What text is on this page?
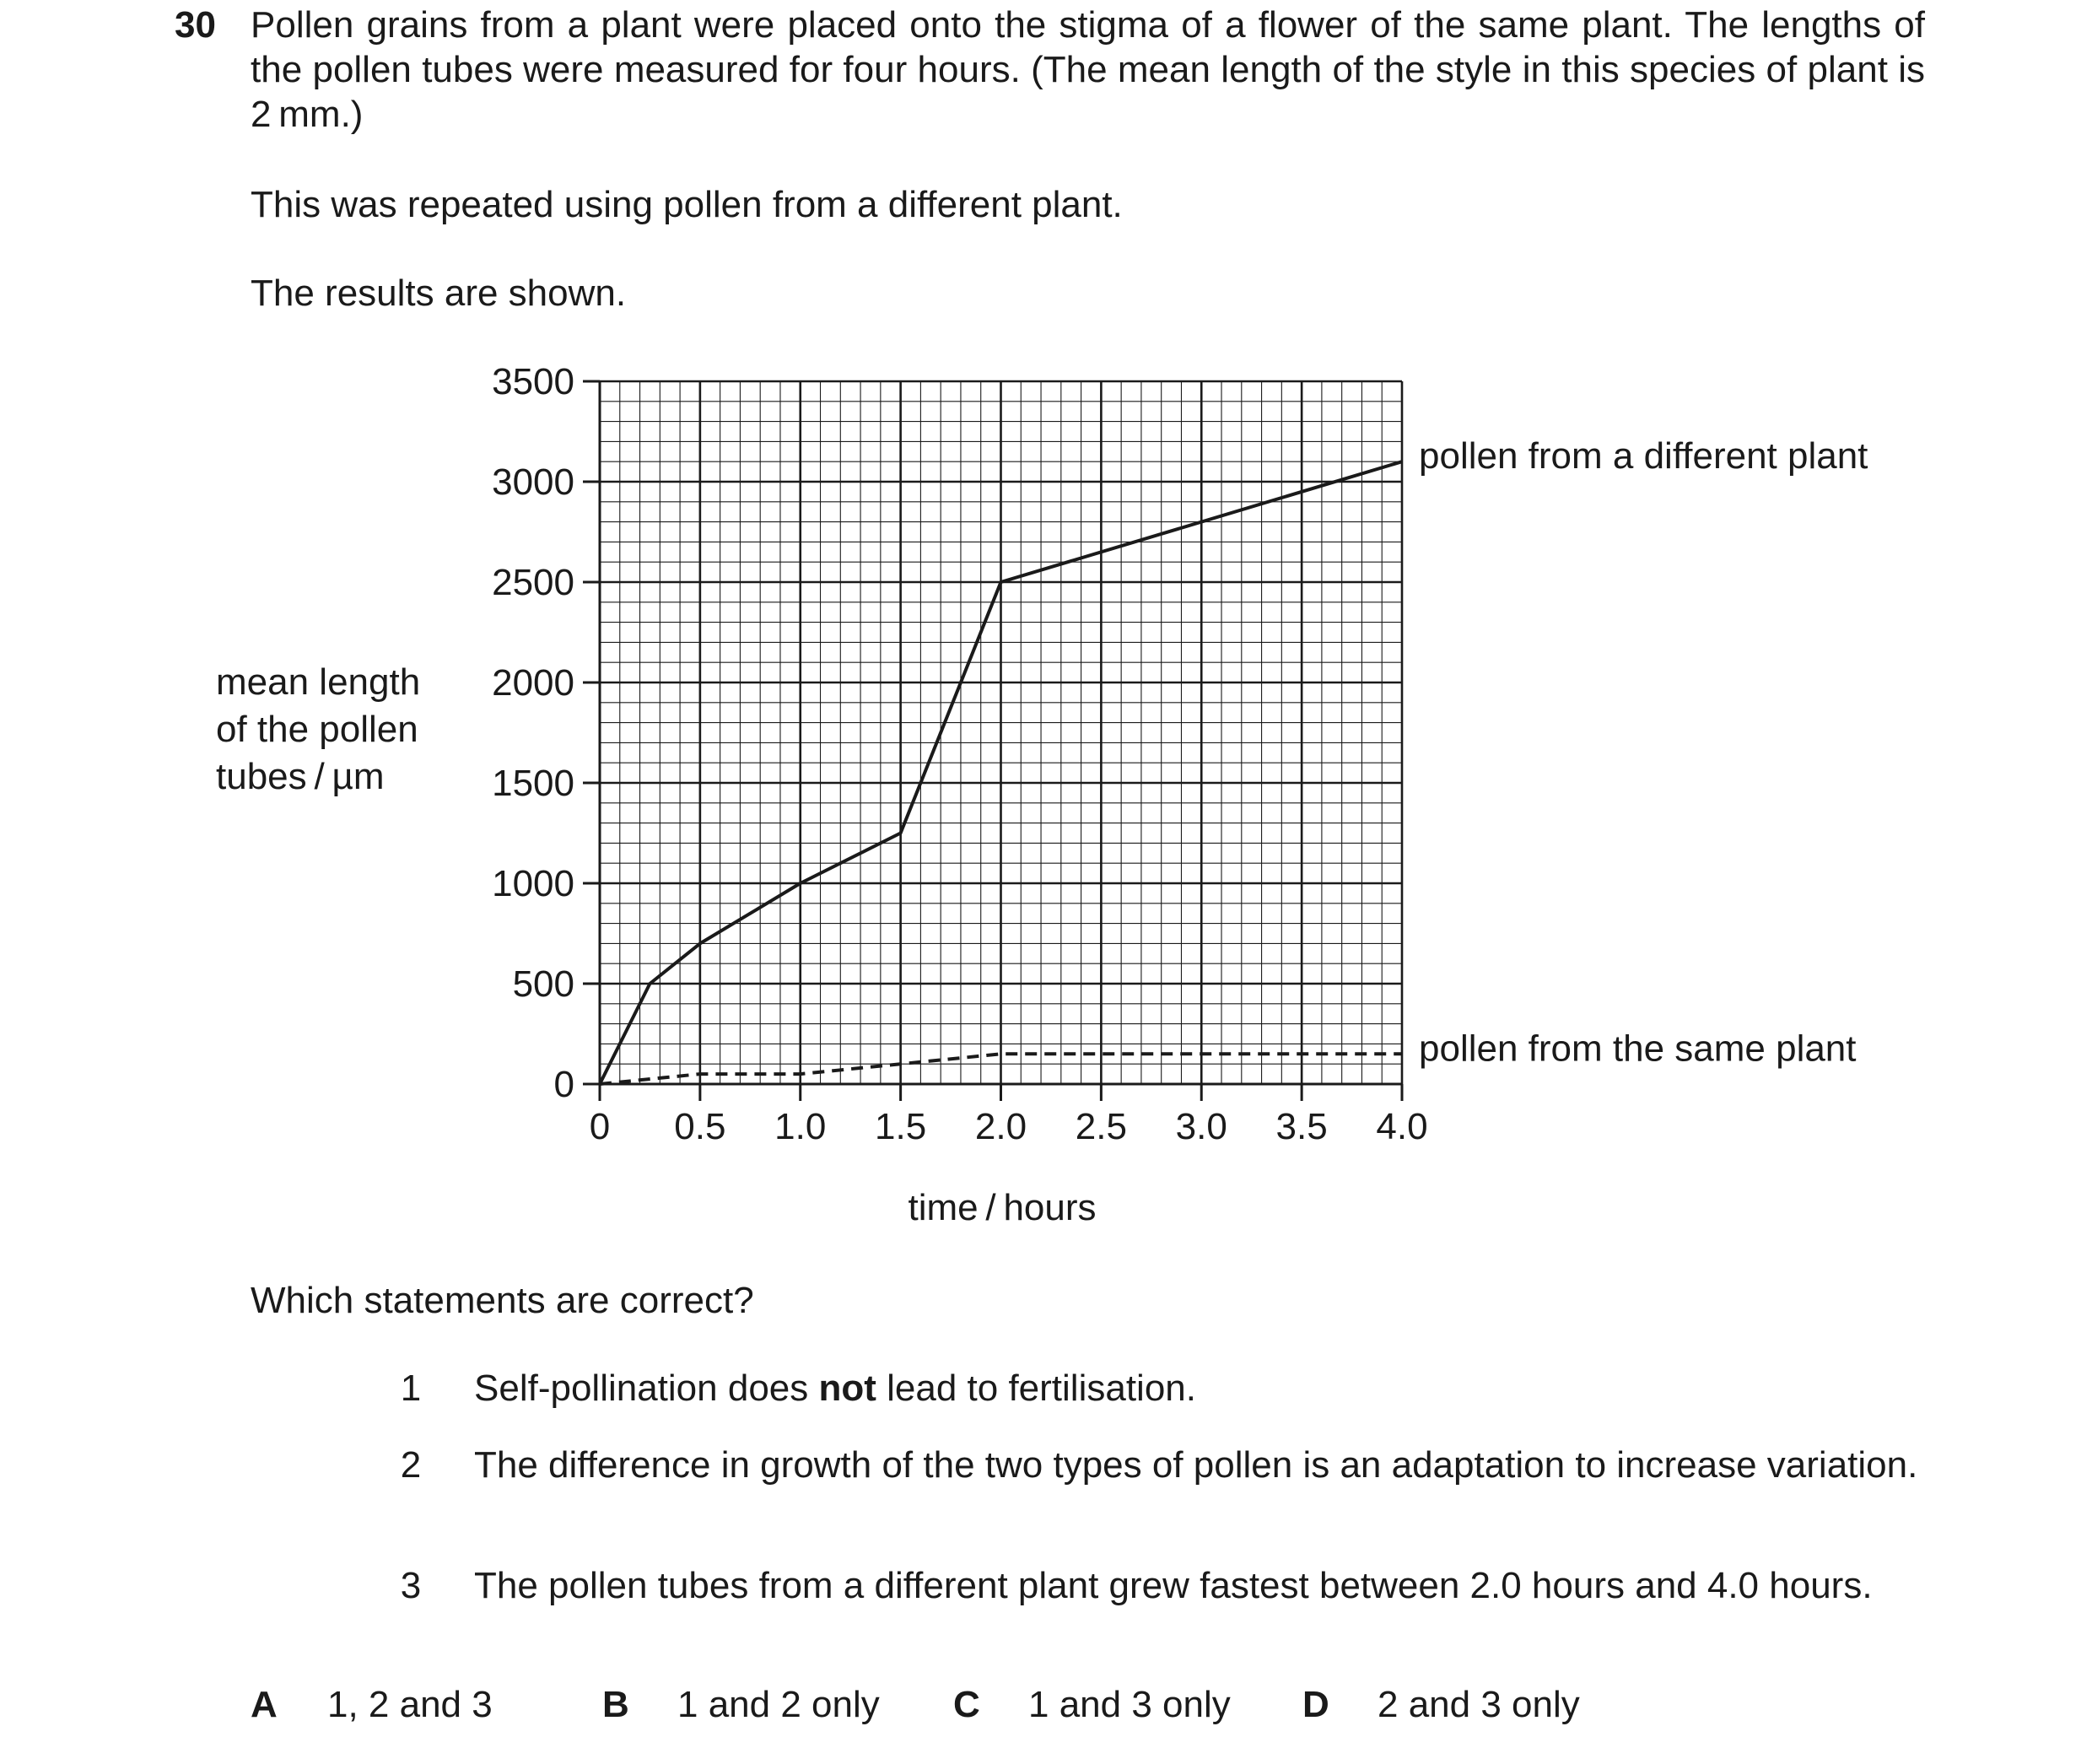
30 Pollen grains from a plant were placed onto the stigma of a flower of the same plant. The lengths of the pollen tubes were measured for four hours. (The mean length of the style in this species of plant is 2 mm.)
This was repeated using pollen from a different plant.
The results are shown.
mean length
of the pollen
tubes / µm
0
500
1000
1500
2000
2500
3000
3500
0 0.5 1.0 1.5 2.0 2.5 3.0 3.5 4.0
pollen from a different plant
pollen from the same plant
time / hours
Which statements are correct?
1 Self-pollination does not lead to fertilisation.
2 The difference in growth of the two types of pollen is an adaptation to increase variation.
3 The pollen tubes from a different plant grew fastest between 2.0 hours and 4.0 hours.
A 1, 2 and 3	B 1 and 2 only C 1 and 3 only D 2 and 3 only
